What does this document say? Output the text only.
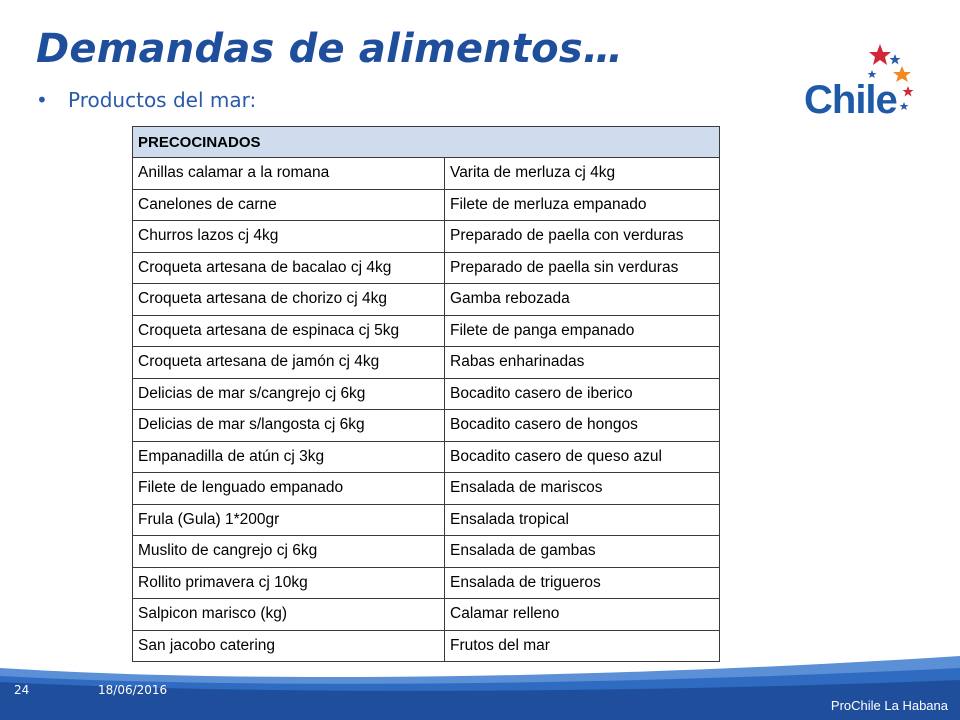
Demandas de alimentos…
• Productos del mar:	Chile
PRECOCINADOS	
Anillas calamar a la romana	Varita de merluza cj 4kg
Canelones de carne	Filete de merluza empanado
Churros lazos cj 4kg	Preparado de paella con verduras
Croqueta artesana de bacalao cj 4kg	Preparado de paella sin verduras
Croqueta artesana de chorizo cj 4kg	Gamba rebozada
Croqueta artesana de espinaca cj 5kg	Filete de panga empanado
Croqueta artesana de jamón cj 4kg	Rabas enharinadas
Delicias de mar s/cangrejo cj 6kg	Bocadito casero de iberico
Delicias de mar s/langosta cj 6kg	Bocadito casero de hongos
Empanadilla de atún cj 3kg	Bocadito casero de queso azul
Filete de lenguado empanado	Ensalada de mariscos
Frula (Gula) 1*200gr	Ensalada tropical
Muslito de cangrejo cj 6kg	Ensalada de gambas
Rollito primavera cj 10kg	Ensalada de trigueros
Salpicon marisco (kg)	Calamar relleno
San jacobo catering	Frutos del mar
24	18/06/2016
ProChile La Habana
